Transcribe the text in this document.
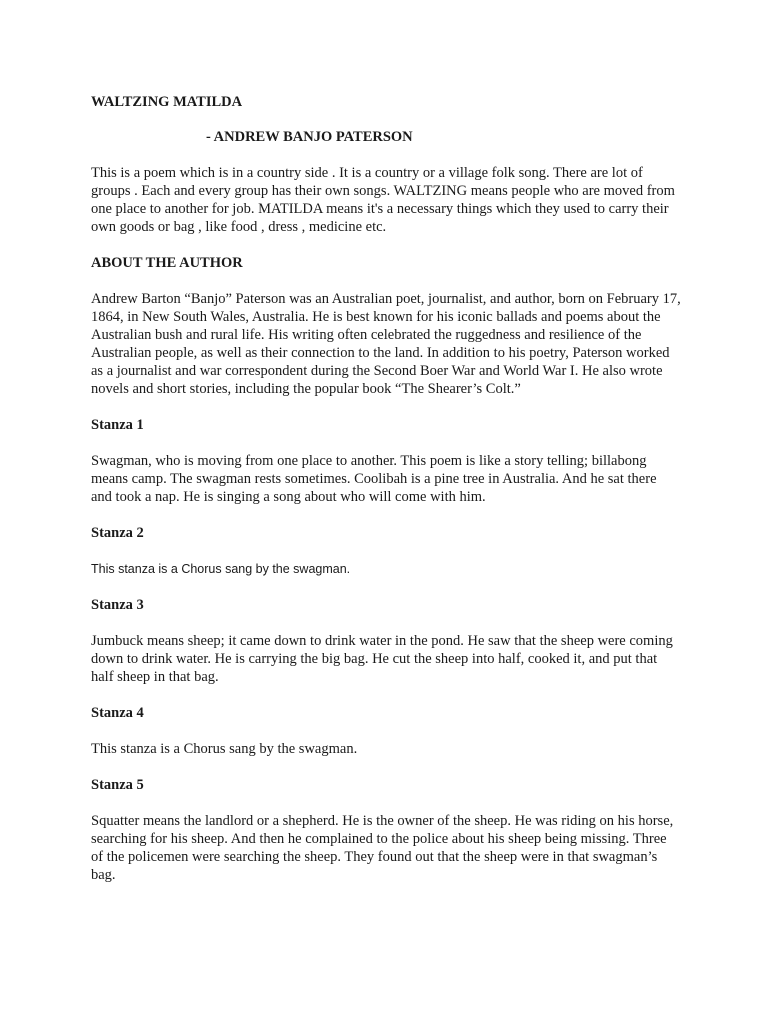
WALTZING MATILDA

- ANDREW BANJO PATERSON

This is a poem which is in a country side . It is a country or a village folk song. There are lot of groups . Each and every group has their own songs. WALTZING means people who are moved from one place to another for job. MATILDA means it's a necessary things which they used to carry their own goods or bag , like food , dress , medicine etc.

ABOUT THE AUTHOR

Andrew Barton “Banjo” Paterson was an Australian poet, journalist, and author, born on February 17, 1864, in New South Wales, Australia. He is best known for his iconic ballads and poems about the Australian bush and rural life. His writing often celebrated the ruggedness and resilience of the Australian people, as well as their connection to the land. In addition to his poetry, Paterson worked as a journalist and war correspondent during the Second Boer War and World War I. He also wrote novels and short stories, including the popular book “The Shearer’s Colt.”

Stanza 1

Swagman, who is moving from one place to another. This poem is like a story telling; billabong means camp. The swagman rests sometimes. Coolibah is a pine tree in Australia. And he sat there and took a nap. He is singing a song about who will come with him.

Stanza 2

This stanza is a Chorus sang by the swagman.

Stanza 3

Jumbuck means sheep; it came down to drink water in the pond. He saw that the sheep were coming down to drink water. He is carrying the big bag. He cut the sheep into half, cooked it, and put that half sheep in that bag.

Stanza 4

This stanza is a Chorus sang by the swagman.

Stanza 5

Squatter means the landlord or a shepherd. He is the owner of the sheep. He was riding on his horse, searching for his sheep. And then he complained to the police about his sheep being missing. Three of the policemen were searching the sheep. They found out that the sheep were in that swagman’s bag.
